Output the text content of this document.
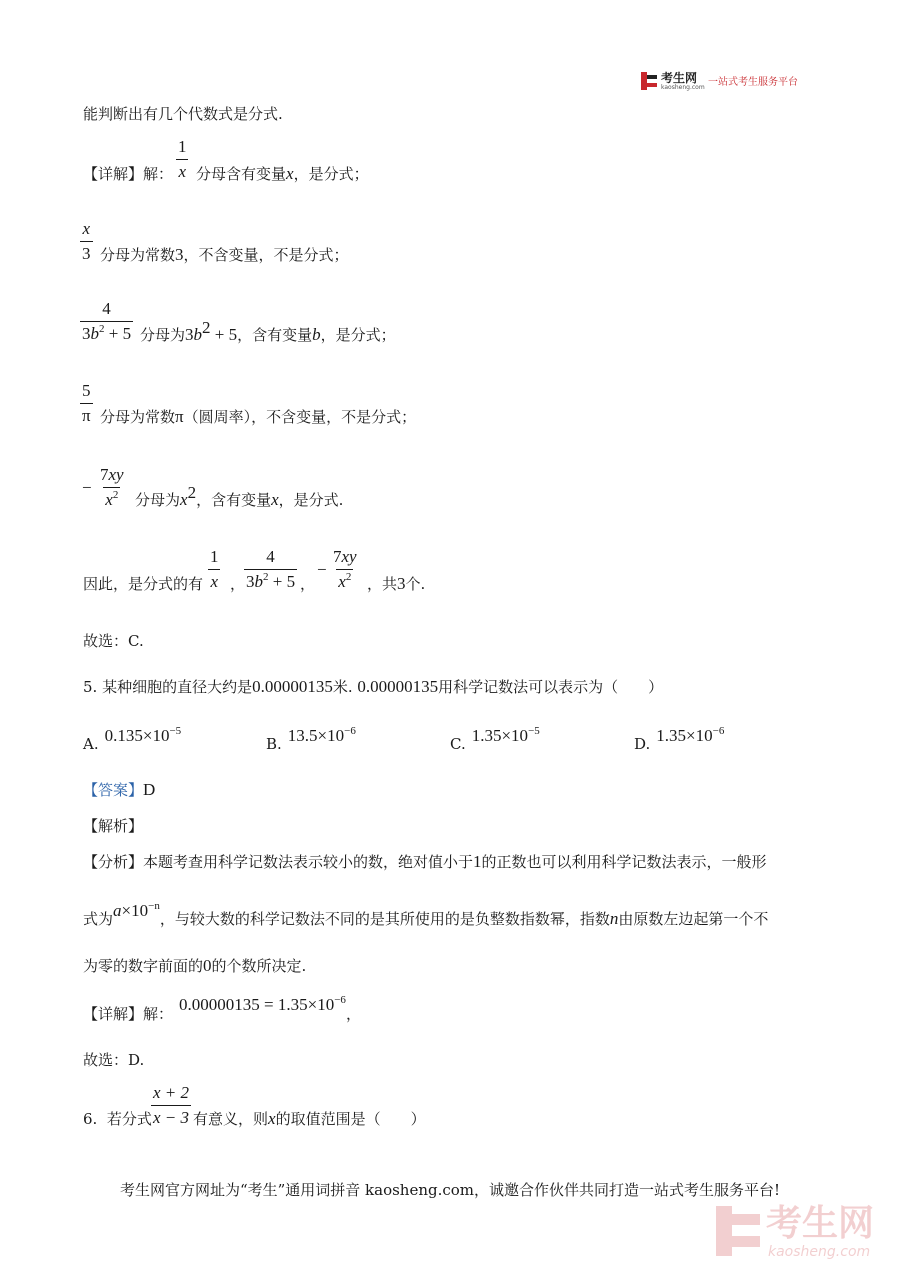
考生网
kaosheng.com 一站式考生服务平台
能判断出有几个代数式是分式.
【详解】解： $\frac{1}{x}$ 分母含有变量x，是分式；
$\frac{x}{3}$ 分母为常数3，不含变量，不是分式；
$\frac{4}{3b^2 + 5}$ 分母为$3b^2 + 5$，含有变量b，是分式；
$\frac{5}{\pi}$ 分母为常数π（圆周率），不含变量，不是分式；
− $\frac{7xy}{x^2}$ 分母为$x^2$，含有变量x，是分式.
因此，是分式的有 $\frac{1}{x}$ ，
$\frac{4}{3b^2 + 5}$ ，
− $\frac{7xy}{x^2}$ ，共3个.
故选：C.
5. 某种细胞的直径大约是0.00000135米. 0.00000135用科学记数法可以表示为（　　）
A. $0.135\times 10^{-5}$
B. $13.5\times 10^{-6}$
C. $1.35\times 10^{-5}$
D. $1.35\times 10^{-6}$
【答案】D
【解析】
【分析】本题考查用科学记数法表示较小的数，绝对值小于1的正数也可以利用科学记数法表示，一般形
式为$a\times 10^{-n}$，与较大数的科学记数法不同的是其所使用的是负整数指数幂，指数n由原数左边起第一个不
为零的数字前面的0的个数所决定.
【详解】解： $0.00000135 = 1.35\times 10^{-6}$，
故选：D.
6. 若分式 $\frac{x + 2}{x - 3}$ 有意义，则x的取值范围是（　　）
考生网官方网址为“考生”通用词拼音 kaosheng.com，诚邀合作伙伴共同打造一站式考生服务平台!
考生网
kaosheng.com
